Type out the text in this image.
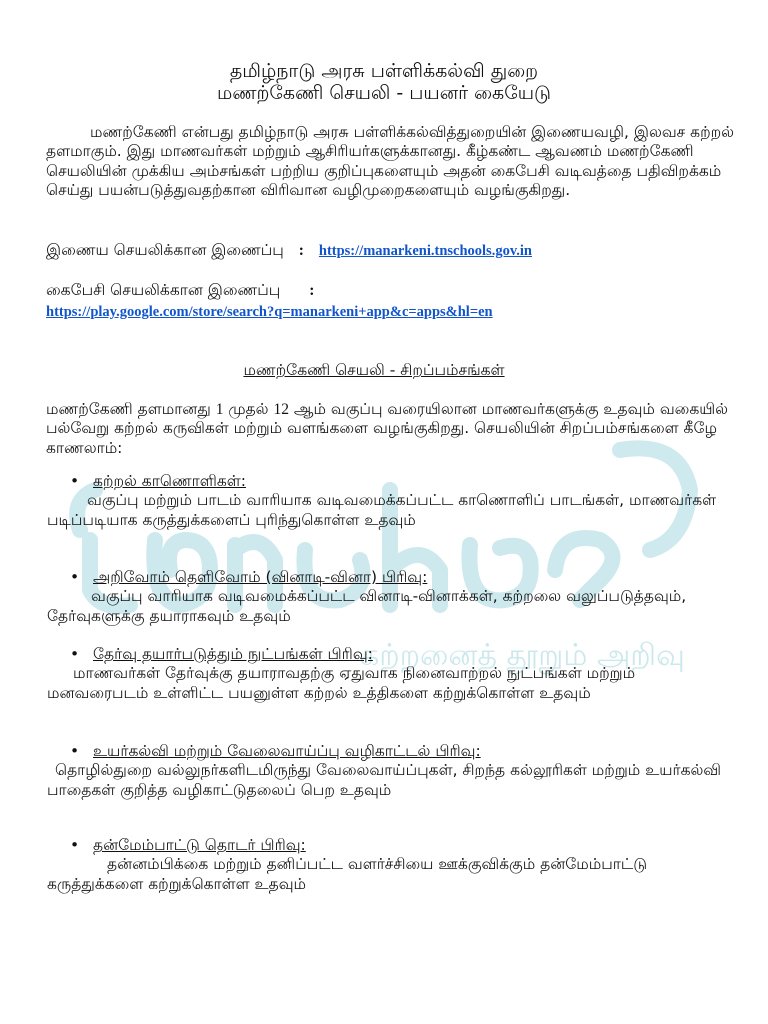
கற்றனைத் தூறும் அறிவு
தமிழ்நாடு அரசு பள்ளிக்கல்வி துறை
மணற்கேணி செயலி - பயனர் கையேடு
மணற்கேணி என்பது தமிழ்நாடு அரசு பள்ளிக்கல்வித்துறையின் இணையவழி, இலவச கற்றல் தளமாகும். இது மாணவர்கள் மற்றும் ஆசிரியர்களுக்கானது. கீழ்கண்ட ஆவணம் மணற்கேணி செயலியின் முக்கிய அம்சங்கள் பற்றிய குறிப்புகளையும் அதன் கைபேசி வடிவத்தை பதிவிறக்கம் செய்து பயன்படுத்துவதற்கான விரிவான வழிமுறைகளையும் வழங்குகிறது.
இணைய செயலிக்கான இணைப்பு : https://manarkeni.tnschools.gov.in
கைபேசி செயலிக்கான இணைப்பு :
https://play.google.com/store/search?q=manarkeni+app&c=apps&hl=en
மணற்கேணி செயலி - சிறப்பம்சங்கள்
மணற்கேணி தளமானது 1 முதல் 12 ஆம் வகுப்பு வரையிலான மாணவர்களுக்கு உதவும் வகையில் பல்வேறு கற்றல் கருவிகள் மற்றும் வளங்களை வழங்குகிறது. செயலியின் சிறப்பம்சங்களை கீழே காணலாம்:
• கற்றல் காணொளிகள்:
வகுப்பு மற்றும் பாடம் வாரியாக வடிவமைக்கப்பட்ட காணொளிப் பாடங்கள், மாணவர்கள் படிப்படியாக கருத்துக்களைப் புரிந்துகொள்ள உதவும்
• அறிவோம் தெளிவோம் (வினாடி-வினா) பிரிவு:
வகுப்பு வாரியாக வடிவமைக்கப்பட்ட வினாடி-வினாக்கள், கற்றலை வலுப்படுத்தவும், தேர்வுகளுக்கு தயாராகவும் உதவும்
• தேர்வு தயார்படுத்தும் நுட்பங்கள் பிரிவு:
மாணவர்கள் தேர்வுக்கு தயாராவதற்கு ஏதுவாக நினைவாற்றல் நுட்பங்கள் மற்றும் மனவரைபடம் உள்ளிட்ட பயனுள்ள கற்றல் உத்திகளை கற்றுக்கொள்ள உதவும்
• உயர்கல்வி மற்றும் வேலைவாய்ப்பு வழிகாட்டல் பிரிவு:
தொழில்துறை வல்லுநர்களிடமிருந்து வேலைவாய்ப்புகள், சிறந்த கல்லூரிகள் மற்றும் உயர்கல்வி பாதைகள் குறித்த வழிகாட்டுதலைப் பெற உதவும்
• தன்மேம்பாட்டு தொடர் பிரிவு:
தன்னம்பிக்கை மற்றும் தனிப்பட்ட வளர்ச்சியை ஊக்குவிக்கும் தன்மேம்பாட்டு கருத்துக்களை கற்றுக்கொள்ள உதவும்
